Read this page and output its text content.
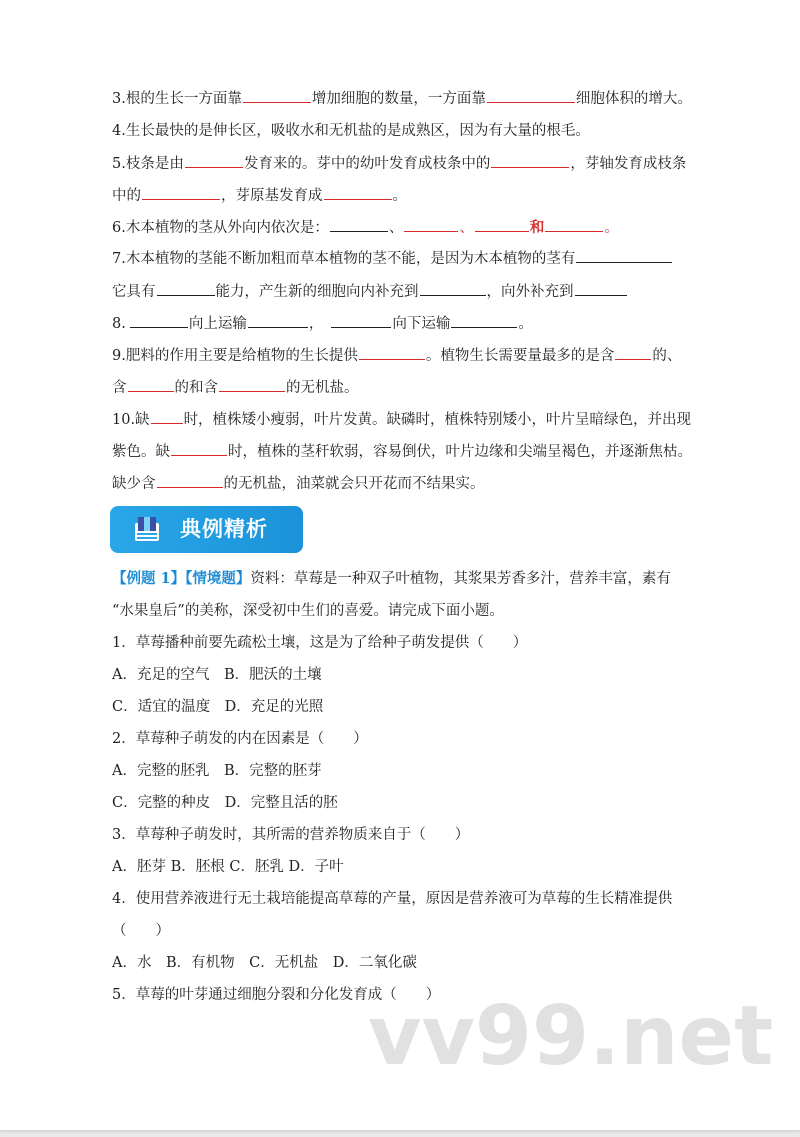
3.根的生长一方面靠	增加细胞的数量，一方面靠	细胞体积的增大。
4.生长最快的是伸长区，吸收水和无机盐的是成熟区，因为有大量的根毛。
5.枝条是由	发育来的。芽中的幼叶发育成枝条中的	，芽轴发育成枝条
中的	，芽原基发育成	。
6.木本植物的茎从外向内依次是：	、	、	和	。
7.木本植物的茎能不断加粗而草本植物的茎不能，是因为木本植物的茎有
它具有	能力，产生新的细胞向内补充到	，向外补充到
8.	向上运输	，	向下运输	。
9.肥料的作用主要是给植物的生长提供	。植物生长需要量最多的是含	的、
含	的和含	的无机盐。
10.缺 时，植株矮小瘦弱，叶片发黄。缺磷时，植株特别矮小，叶片呈暗绿色，并出现
紫色。缺	时，植株的茎秆软弱，容易倒伏，叶片边缘和尖端呈褐色，并逐渐焦枯。
缺少含	的无机盐，油菜就会只开花而不结果实。
典例精析
【例题 1】【情境题】资料：草莓是一种双子叶植物，其浆果芳香多汁，营养丰富，素有
“水果皇后”的美称，深受初中生们的喜爱。请完成下面小题。
1．草莓播种前要先疏松土壤，这是为了给种子萌发提供（　　）
A．充足的空气　B．肥沃的土壤
C．适宜的温度　D．充足的光照
2．草莓种子萌发的内在因素是（　　）
A．完整的胚乳　B．完整的胚芽
C．完整的种皮　D．完整且活的胚
3．草莓种子萌发时，其所需的营养物质来自于（　　）
A．胚芽 B．胚根 C．胚乳 D．子叶
4．使用营养液进行无土栽培能提高草莓的产量，原因是营养液可为草莓的生长精准提供
（　　）
A．水　B．有机物　C．无机盐　D．二氧化碳
5．草莓的叶芽通过细胞分裂和分化发育成（　　）
vv99.net
